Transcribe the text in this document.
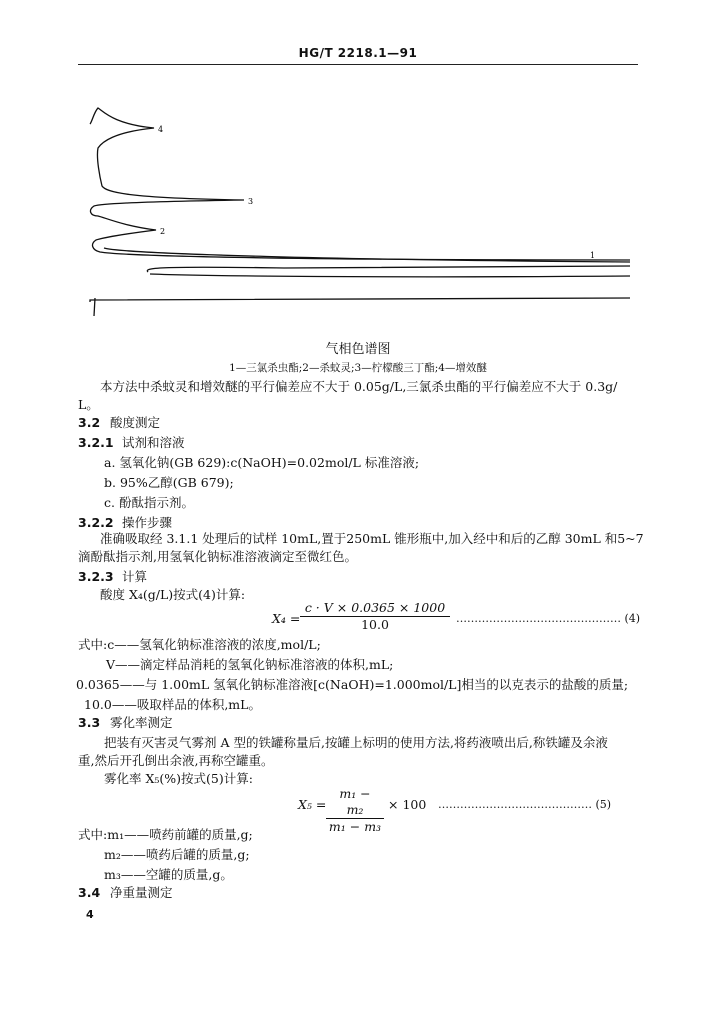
HG/T 2218.1—91
4
3
2
1
气相色谱图
1—三氯杀虫酯;2—杀蚊灵;3—柠檬酸三丁酯;4—增效醚
本方法中杀蚊灵和增效醚的平行偏差应不大于 0.05g/L,三氯杀虫酯的平行偏差应不大于 0.3g/
L。
3.2 酸度测定
3.2.1 试剂和溶液
a. 氢氧化钠(GB 629):c(NaOH)=0.02mol/L 标准溶液;
b. 95%乙醇(GB 679);
c. 酚酞指示剂。
3.2.2 操作步骤
准确吸取经 3.1.1 处理后的试样 10mL,置于250mL 锥形瓶中,加入经中和后的乙醇 30mL 和5~7
滴酚酞指示剂,用氢氧化钠标准溶液滴定至微红色。
3.2.3 计算
酸度 X₄(g/L)按式(4)计算:
$X_4 = \frac{c \cdot V \times 0.0365 \times 1000}{10.0}$ ……………………………………… (4)
式中:c——氢氧化钠标准溶液的浓度,mol/L;
V——滴定样品消耗的氢氧化钠标准溶液的体积,mL;
0.0365——与 1.00mL 氢氧化钠标准溶液[c(NaOH)=1.000mol/L]相当的以克表示的盐酸的质量;
10.0——吸取样品的体积,mL。
3.3 雾化率测定
把装有灭害灵气雾剂 A 型的铁罐称量后,按罐上标明的使用方法,将药液喷出后,称铁罐及余液
重,然后开孔倒出余液,再称空罐重。
雾化率 X₅(%)按式(5)计算:
$X_5 = \frac{\text{m₁ − m₂}}{\text{m₁ − m₃}} \times 100$ …………………………………… (5)
式中:m₁——喷药前罐的质量,g;
m₂——喷药后罐的质量,g;
m₃——空罐的质量,g。
3.4 净重量测定
4
